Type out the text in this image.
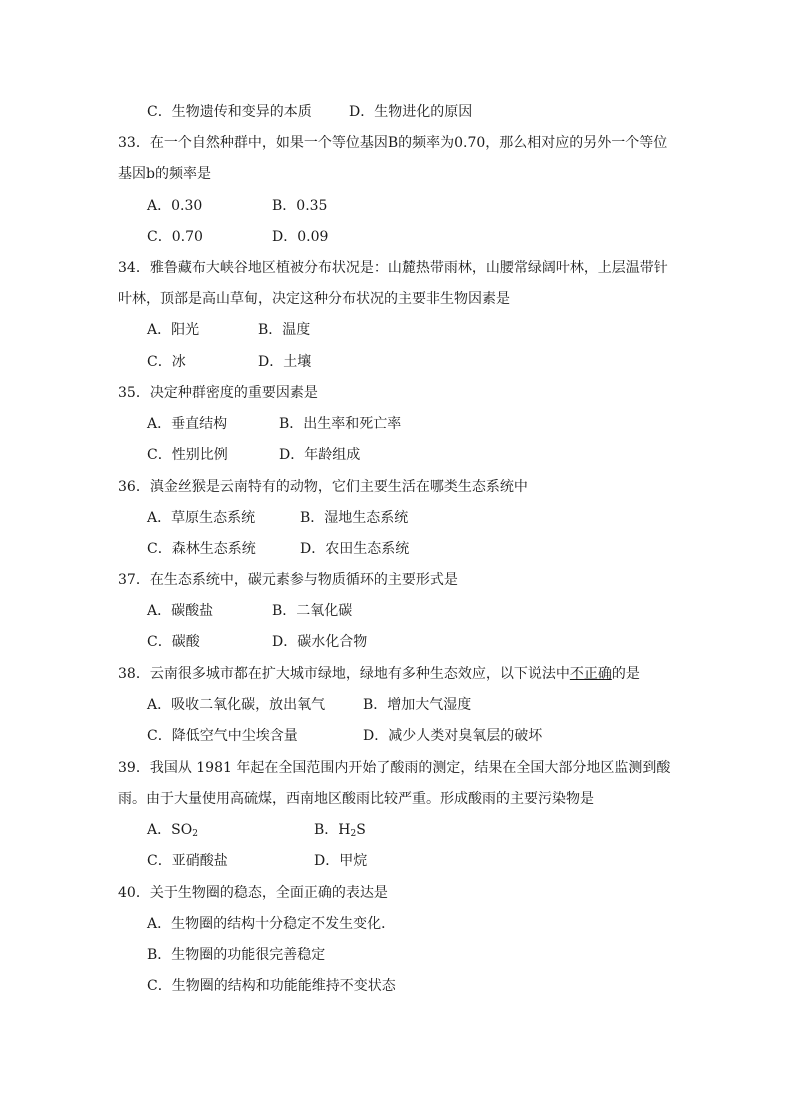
C．生物遗传和变异的本质	D．生物进化的原因
33．在一个自然种群中，如果一个等位基因B的频率为0.70，那么相对应的另外一个等位
基因b的频率是
A．0.30	B．0.35
C．0.70	D．0.09
34．雅鲁藏布大峡谷地区植被分布状况是：山麓热带雨林，山腰常绿阔叶林，上层温带针
叶林，顶部是高山草甸，决定这种分布状况的主要非生物因素是
A．阳光	B．温度
C．冰	D．土壤
35．决定种群密度的重要因素是
A．垂直结构	B．出生率和死亡率
C．性别比例	D．年龄组成
36．滇金丝猴是云南特有的动物，它们主要生活在哪类生态系统中
A．草原生态系统	B．湿地生态系统
C．森林生态系统	D．农田生态系统
37．在生态系统中，碳元素参与物质循环的主要形式是
A．碳酸盐	B．二氧化碳
C．碳酸	D．碳水化合物
38．云南很多城市都在扩大城市绿地，绿地有多种生态效应，以下说法中不正确的是
A．吸收二氧化碳，放出氧气	B．增加大气湿度
C．降低空气中尘埃含量	D．减少人类对臭氧层的破坏
39．我国从 1981 年起在全国范围内开始了酸雨的测定，结果在全国大部分地区监测到酸
雨。由于大量使用高硫煤，西南地区酸雨比较严重。形成酸雨的主要污染物是
A．$SO_2$	B．$H_2S$
C．亚硝酸盐	D．甲烷
40．关于生物圈的稳态，全面正确的表达是
A．生物圈的结构十分稳定不发生变化．
B．生物圈的功能很完善稳定
C．生物圈的结构和功能能维持不变状态
